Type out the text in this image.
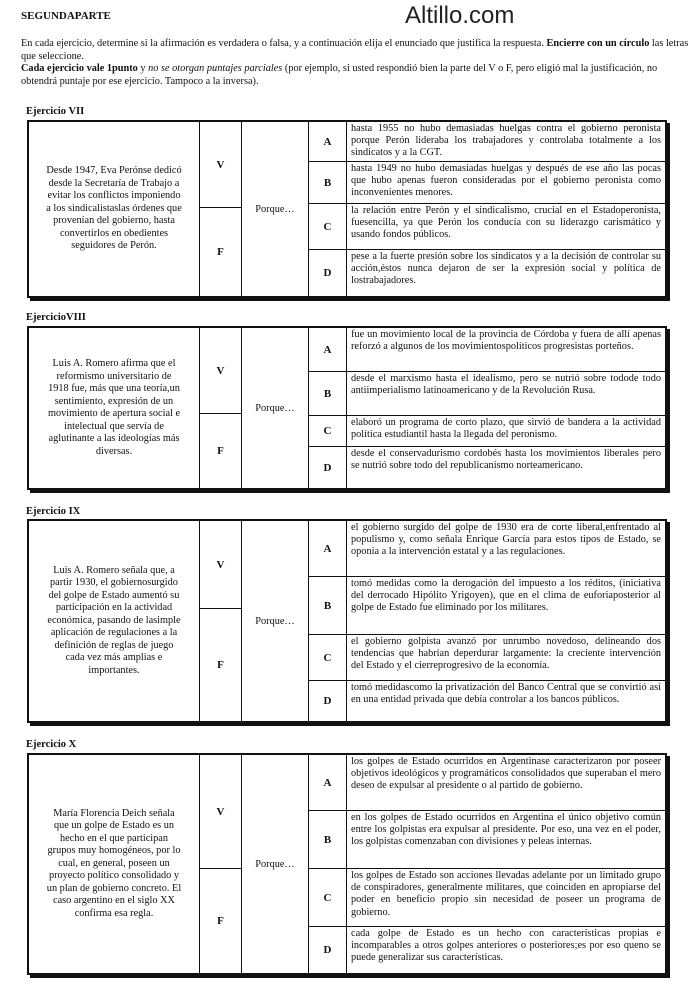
Altillo.com
SEGUNDAPARTE
En cada ejercicio, determine si la afirmación es verdadera o falsa, y a continuación elija el enunciado que justifica la respuesta. Encierre con un círculo las letras que seleccione.
Cada ejercicio vale 1punto y no se otorgan puntajes parciales (por ejemplo, si usted respondió bien la parte del V o F, pero eligió mal la justificación, no obtendrá puntaje por ese ejercicio. Tampoco a la inversa).
Ejercicio VII
Desde 1947, Eva Perónse dedicó desde la Secretaría de Trabajo a evitar los conflictos imponiendo a los sindicalistaslas órdenes que provenían del gobierno, hasta convertirlos en obedientes seguidores de Perón.
V
F
Porque…
A
hasta 1955 no hubo demasiadas huelgas contra el gobierno peronista porque Perón lideraba los trabajadores y controlaba totalmente a los sindicatos y a la CGT.
B
hasta 1949 no hubo demasiadas huelgas y después de ese año las pocas que hubo apenas fueron consideradas por el gobierno peronista como inconvenientes menores.
C
la relación entre Perón y el sindicalismo, crucial en el Estadoperonista, fuesencilla, ya que Perón los conducía con su liderazgo carismático y usando fondos públicos.
D
pese a la fuerte presión sobre los sindicatos y a la decisión de controlar su acción,éstos nunca dejaron de ser la expresión social y política de lostrabajadores.
EjercicioVIII
Luis A. Romero afirma que el reformismo universitario de 1918 fue, más que una teoría,un sentimiento, expresión de un movimiento de apertura social e intelectual que servía de aglutinante a las ideologías más diversas.
V
F
Porque…
A
fue un movimiento local de la provincia de Córdoba y fuera de allí apenas reforzó a algunos de los movimientospolíticos progresistas porteños.
B
desde el marxismo hasta el idealismo, pero se nutrió sobre todode todo antiimperialismo latinoamericano y de la Revolución Rusa.
C
elaboró un programa de corto plazo, que sirvió de bandera a la actividad política estudiantil hasta la llegada del peronismo.
D
desde el conservadurismo cordobés hasta los movimientos liberales pero se nutrió sobre todo del republicanismo norteamericano.
Ejercicio IX
Luis A. Romero señala que, a partir 1930, el gobiernosurgido del golpe de Estado aumentó su participación en la actividad económica, pasando de lasimple aplicación de regulaciones a la definición de reglas de juego cada vez más amplias e importantes.
V
F
Porque…
A
el gobierno surgido del golpe de 1930 era de corte liberal,enfrentado al populismo y, como señala Enrique García para estos tipos de Estado, se oponía a la intervención estatal y a las regulaciones.
B
tomó medidas como la derogación del impuesto a los réditos, (iniciativa del derrocado Hipólito Yrigoyen), que en el clima de euforiaposterior al golpe de Estado fue eliminado por los militares.
C
el gobierno golpista avanzó por unrumbo novedoso, delineando dos tendencias que habrían deperdurar largamente: la creciente intervención del Estado y el cierreprogresivo de la economía.
D
tomó medidascomo la privatización del Banco Central que se convirtió así en una entidad privada que debía controlar a los bancos públicos.
Ejercicio X
María Florencia Deich señala que un golpe de Estado es un hecho en el que participan grupos muy homogéneos, por lo cual, en general, poseen un proyecto político consolidado y un plan de gobierno concreto. El caso argentino en el siglo XX confirma esa regla.
V
F
Porque…
A
los golpes de Estado ocurridos en Argentinase caracterizaron por poseer objetivos ideológicos y programáticos consolidados que superaban el mero deseo de expulsar al presidente o al partido de gobierno.
B
en los golpes de Estado ocurridos en Argentina el único objetivo común entre los golpistas era expulsar al presidente. Por eso, una vez en el poder, los golpistas comenzaban con divisiones y peleas internas.
C
los golpes de Estado son acciones llevadas adelante por un limitado grupo de conspiradores, generalmente militares, que coinciden en apropiarse del poder en beneficio propio sin necesidad de poseer un programa de gobierno.
D
cada golpe de Estado es un hecho con características propias e incomparables a otros golpes anteriores o posteriores;es por eso queno se puede generalizar sus características.
